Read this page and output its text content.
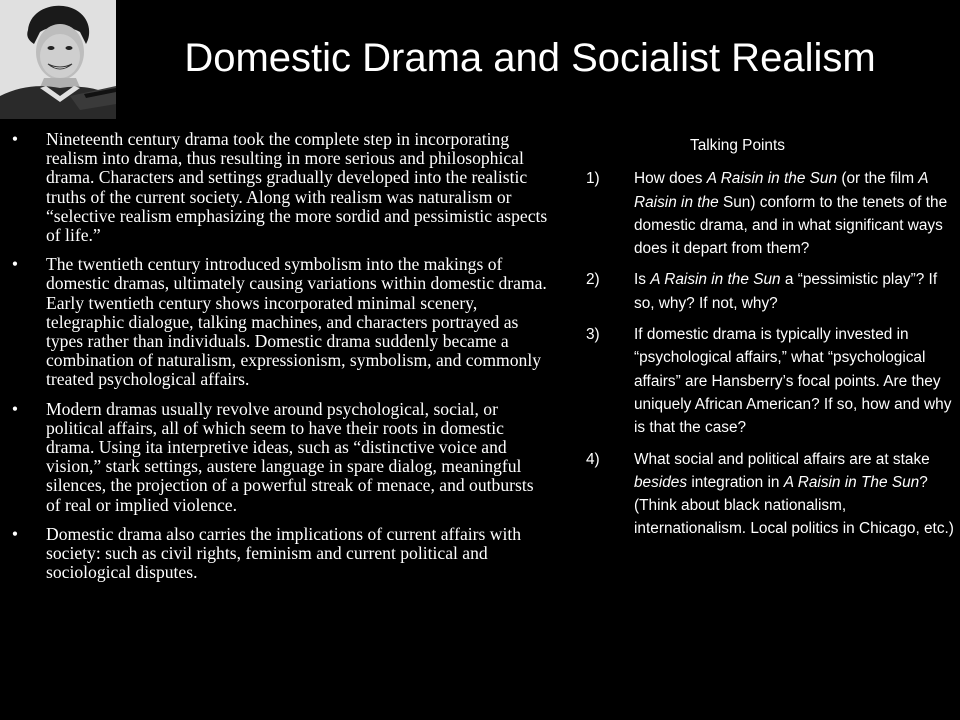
Domestic Drama and Socialist Realism
• Nineteenth century drama took the complete step in incorporating realism into drama, thus resulting in more serious and philosophical drama. Characters and settings gradually developed into the realistic truths of the current society. Along with realism was naturalism or “selective realism emphasizing the more sordid and pessimistic aspects of life.”
• The twentieth century introduced symbolism into the makings of domestic dramas, ultimately causing variations within domestic drama. Early twentieth century shows incorporated minimal scenery, telegraphic dialogue, talking machines, and characters portrayed as types rather than individuals. Domestic drama suddenly became a combination of naturalism, expressionism, symbolism, and commonly treated psychological affairs.
• Modern dramas usually revolve around psychological, social, or political affairs, all of which seem to have their roots in domestic drama. Using ita interpretive ideas, such as “distinctive voice and vision,” stark settings, austere language in spare dialog, meaningful silences, the projection of a powerful streak of menace, and outbursts of real or implied violence.
• Domestic drama also carries the implications of current affairs with society: such as civil rights, feminism and current political and sociological disputes.
Talking Points
1) How does A Raisin in the Sun (or the film A Raisin in the Sun) conform to the tenets of the domestic drama, and in what significant ways does it depart from them?
2) Is A Raisin in the Sun a “pessimistic play”? If so, why? If not, why?
3) If domestic drama is typically invested in “psychological affairs,” what “psychological affairs” are Hansberry’s focal points. Are they uniquely African American? If so, how and why is that the case?
4) What social and political affairs are at stake besides integration in A Raisin in The Sun? (Think about black nationalism, internationalism. Local politics in Chicago, etc.)
